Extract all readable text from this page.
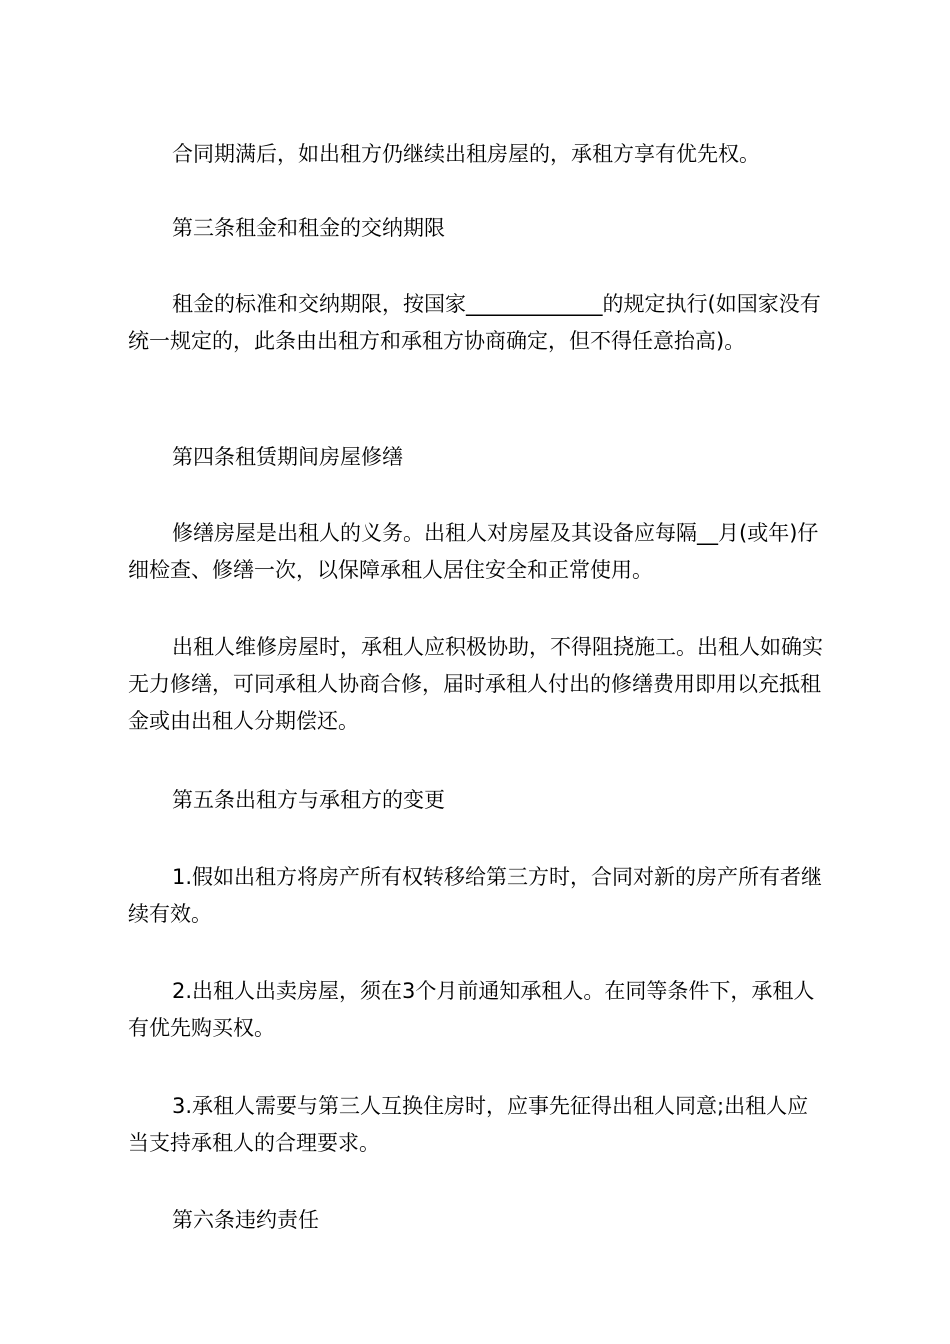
合同期满后，如出租方仍继续出租房屋的，承租方享有优先权。

第三条租金和租金的交纳期限

租金的标准和交纳期限，按国家_____________的规定执行(如国家没有统一规定的，此条由出租方和承租方协商确定，但不得任意抬高)。

第四条租赁期间房屋修缮

修缮房屋是出租人的义务。出租人对房屋及其设备应每隔__月(或年)仔细检查、修缮一次，以保障承租人居住安全和正常使用。

出租人维修房屋时，承租人应积极协助，不得阻挠施工。出租人如确实无力修缮，可同承租人协商合修，届时承租人付出的修缮费用即用以充抵租金或由出租人分期偿还。

第五条出租方与承租方的变更

1.假如出租方将房产所有权转移给第三方时，合同对新的房产所有者继续有效。

2.出租人出卖房屋，须在3个月前通知承租人。在同等条件下，承租人有优先购买权。

3.承租人需要与第三人互换住房时，应事先征得出租人同意;出租人应当支持承租人的合理要求。

第六条违约责任
